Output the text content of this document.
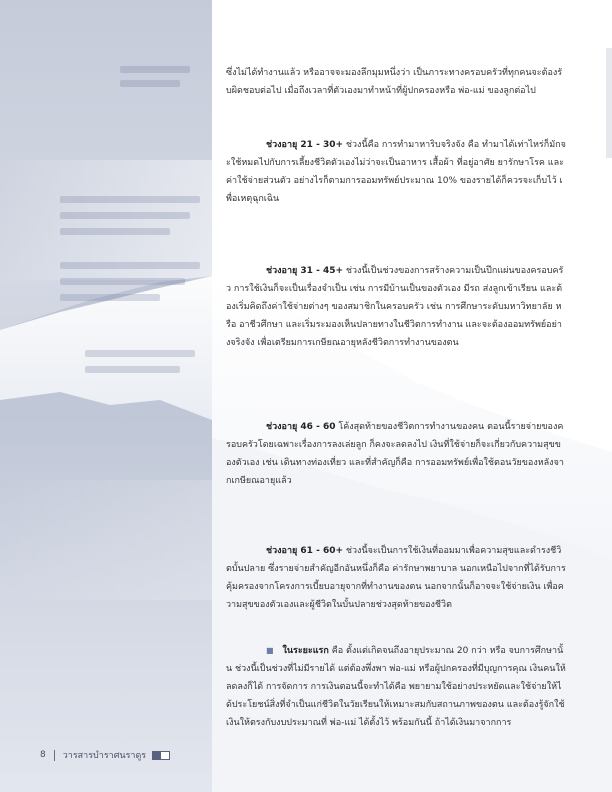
ซึ่งไม่ได้ทำงานแล้ว หรืออาจจะมองลึกมุมหนึ่งว่า เป็นภาระทางครอบครัวที่ทุกคนจะต้องรับผิดชอบต่อไป เมื่อถึงเวลาที่ตัวเองมาทำหน้าที่ผู้ปกครองหรือ พ่อ-แม่ ของลูกต่อไป

ช่วงอายุ 21 - 30+ ช่วงนี้คือ การทำมาหาริบจริงจัง คือ ทำมาได้เท่าไหร่ก็มักจะใช้หมดไปกับการเลี้ยงชีวิตตัวเองไม่ว่าจะเป็นอาหาร เสื้อผ้า ที่อยู่อาศัย ยารักษาโรค และค่าใช้จ่ายส่วนตัว อย่างไรก็ตามการออมทรัพย์ประมาณ 10% ของรายได้ก็ควรจะเก็บไว้ เพื่อเหตุฉุกเฉิน

ช่วงอายุ 31 - 45+ ช่วงนี้เป็นช่วงของการสร้างความเป็นปึกแผ่นของครอบครัว การใช้เงินก็จะเป็นเรื่องจำเป็น เช่น การมีบ้านเป็นของตัวเอง มีรถ ส่งลูกเข้าเรียน และต้องเริ่มคิดถึงค่าใช้จ่ายต่างๆ ของสมาชิกในครอบครัว เช่น การศึกษาระดับมหาวิทยาลัย หรือ อาชีวศึกษา และเริ่มระมองเห็นปลายทางในชีวิตการทำงาน และจะต้องออมทรัพย์อย่างจริงจัง เพื่อเตรียมการเกษียณอายุหลังชีวิตการทำงานของตน

ช่วงอายุ 46 - 60 โค้งสุดท้ายของชีวิตการทำงานของคน ตอนนี้รายจ่ายของครอบครัวโดยเฉพาะเรื่องการลงเล่ยลูก ก็คงจะลดลงไป เงินที่ใช้จ่ายก็จะเกี่ยวกับความสุขของตัวเอง เช่น เดินทางท่องเที่ยว และที่สำคัญก็คือ การออมทรัพย์เพื่อใช้ตอนวัยของหลังจากเกษียณอายุแล้ว

ช่วงอายุ 61 - 60+ ช่วงนี้จะเป็นการใช้เงินที่ออมมาเพื่อความสุขและดำรงชีวิตบั้นปลาย ซึ่งรายจ่ายสำคัญอีกอันหนึ่งก็คือ ค่ารักษาพยาบาล นอกเหนือไปจากที่ได้รับการคุ้มครองจากโครงการเบี้ยบอายุจากที่ทำงานของตน นอกจากนั้นก็อาจจะใช้จ่ายเงิน เพื่อความสุขของตัวเองและผู้ชีวิตในบั้นปลายช่วงสุดท้ายของชีวิต

■ ในระยะแรก คือ ตั้งแต่เกิดจนถึงอายุประมาณ 20 กว่า หรือ จบการศึกษานั้น ช่วงนี้เป็นช่วงที่ไม่มีรายได้ แต่ต้องพึ่งพา พ่อ-แม่ หรือผู้ปกครองที่มีบุญการคุณ เงินคนให้ลดลงก็ได้ การจัดการ การเงินตอนนี้จะทำได้คือ พยายามใช้อย่างประหยัดและใช้จ่ายให้ได้ประโยชน์สิ่งที่จำเป็นแก่ชีวิตในวัยเรียนให้เหมาะสมกับสถานภาพของตน และต้องรู้จักใช้เงินให้ตรงกับงบประมาณที่ พ่อ-แม่ ได้ตั้งไว้ พร้อมกันนี้ ถ้าได้เงินมาจากการ

8 วารสารบำราศนราดูร
